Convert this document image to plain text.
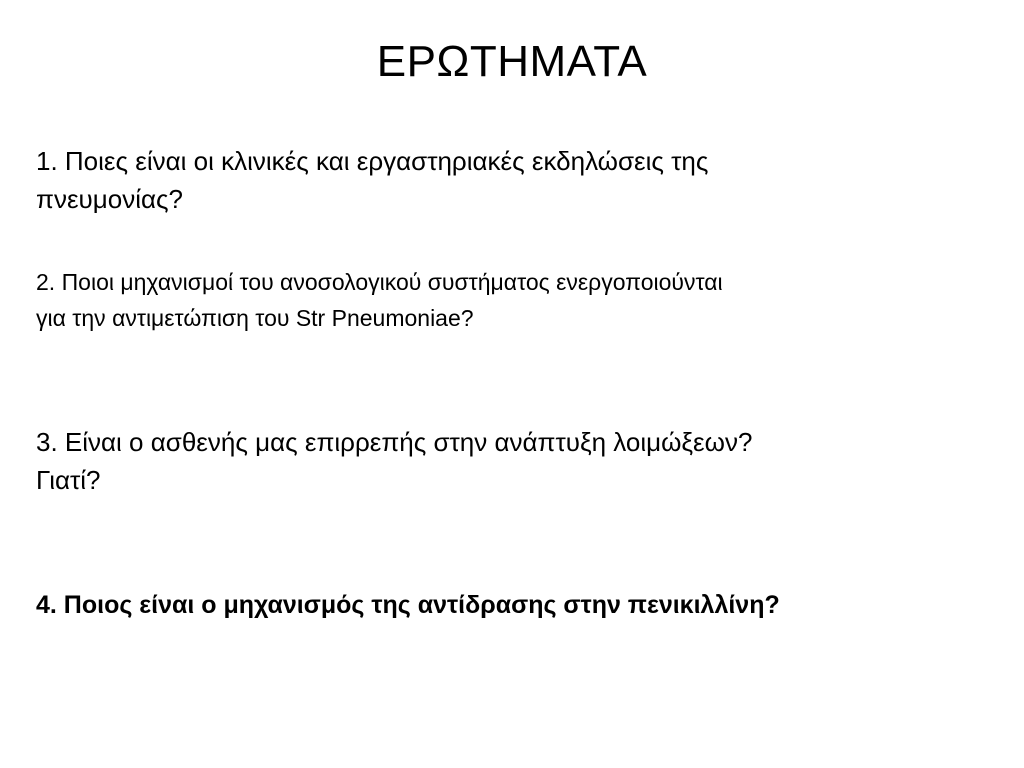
ΕΡΩΤΗΜΑΤΑ
1. Ποιες είναι οι κλινικές και εργαστηριακές εκδηλώσεις της
πνευμονίας?
2. Ποιοι μηχανισμοί του ανοσολογικού συστήματος ενεργοποιούνται
για την αντιμετώπιση του Str Pneumoniae?
3. Είναι ο ασθενής μας επιρρεπής στην ανάπτυξη λοιμώξεων?
Γιατί?
4. Ποιος είναι ο μηχανισμός της αντίδρασης στην πενικιλλίνη?
